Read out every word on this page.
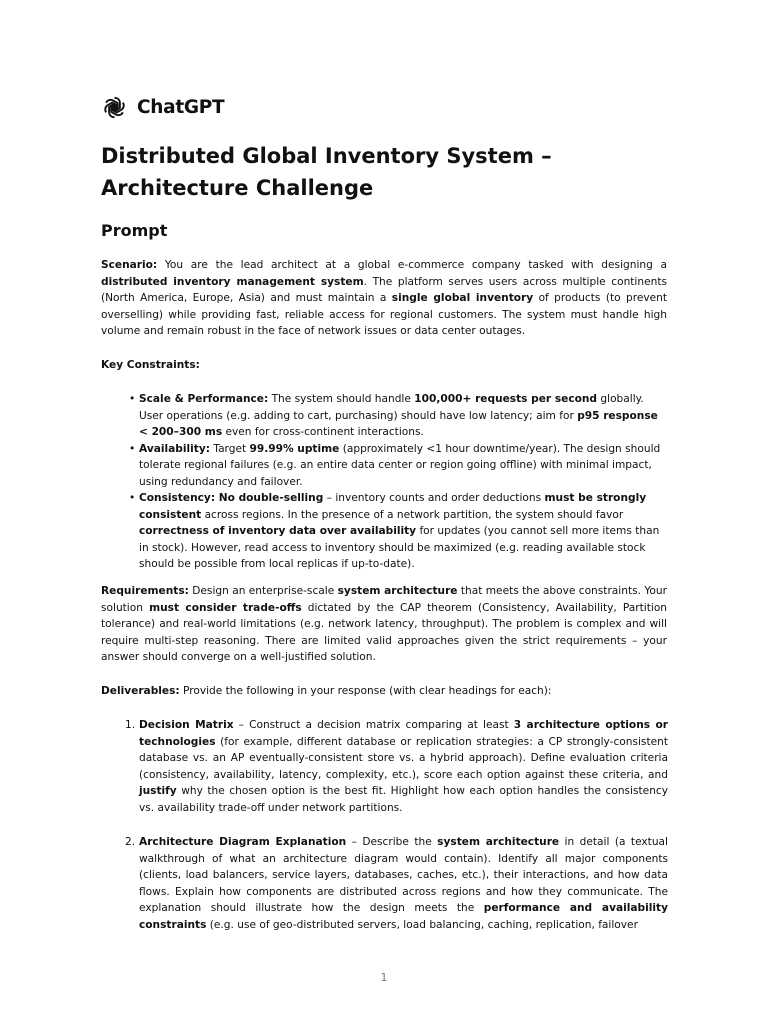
ChatGPT
Distributed Global Inventory System –
Architecture Challenge
Prompt

Scenario: You are the lead architect at a global e-commerce company tasked with designing a distributed inventory management system. The platform serves users across multiple continents (North America, Europe, Asia) and must maintain a single global inventory of products (to prevent overselling) while providing fast, reliable access for regional customers. The system must handle high volume and remain robust in the face of network issues or data center outages.

Key Constraints:

• Scale & Performance: The system should handle 100,000+ requests per second globally. User operations (e.g. adding to cart, purchasing) should have low latency; aim for p95 response < 200–300 ms even for cross-continent interactions.
• Availability: Target 99.99% uptime (approximately <1 hour downtime/year). The design should tolerate regional failures (e.g. an entire data center or region going offline) with minimal impact, using redundancy and failover.
• Consistency: No double-selling – inventory counts and order deductions must be strongly consistent across regions. In the presence of a network partition, the system should favor correctness of inventory data over availability for updates (you cannot sell more items than in stock). However, read access to inventory should be maximized (e.g. reading available stock should be possible from local replicas if up-to-date).

Requirements: Design an enterprise-scale system architecture that meets the above constraints. Your solution must consider trade-offs dictated by the CAP theorem (Consistency, Availability, Partition tolerance) and real-world limitations (e.g. network latency, throughput). The problem is complex and will require multi-step reasoning. There are limited valid approaches given the strict requirements – your answer should converge on a well-justified solution.

Deliverables: Provide the following in your response (with clear headings for each):

1. Decision Matrix – Construct a decision matrix comparing at least 3 architecture options or technologies (for example, different database or replication strategies: a CP strongly-consistent database vs. an AP eventually-consistent store vs. a hybrid approach). Define evaluation criteria (consistency, availability, latency, complexity, etc.), score each option against these criteria, and justify why the chosen option is the best fit. Highlight how each option handles the consistency vs. availability trade-off under network partitions.
2. Architecture Diagram Explanation – Describe the system architecture in detail (a textual walkthrough of what an architecture diagram would contain). Identify all major components (clients, load balancers, service layers, databases, caches, etc.), their interactions, and how data flows. Explain how components are distributed across regions and how they communicate. The explanation should illustrate how the design meets the performance and availability constraints (e.g. use of geo-distributed servers, load balancing, caching, replication, failover
1
